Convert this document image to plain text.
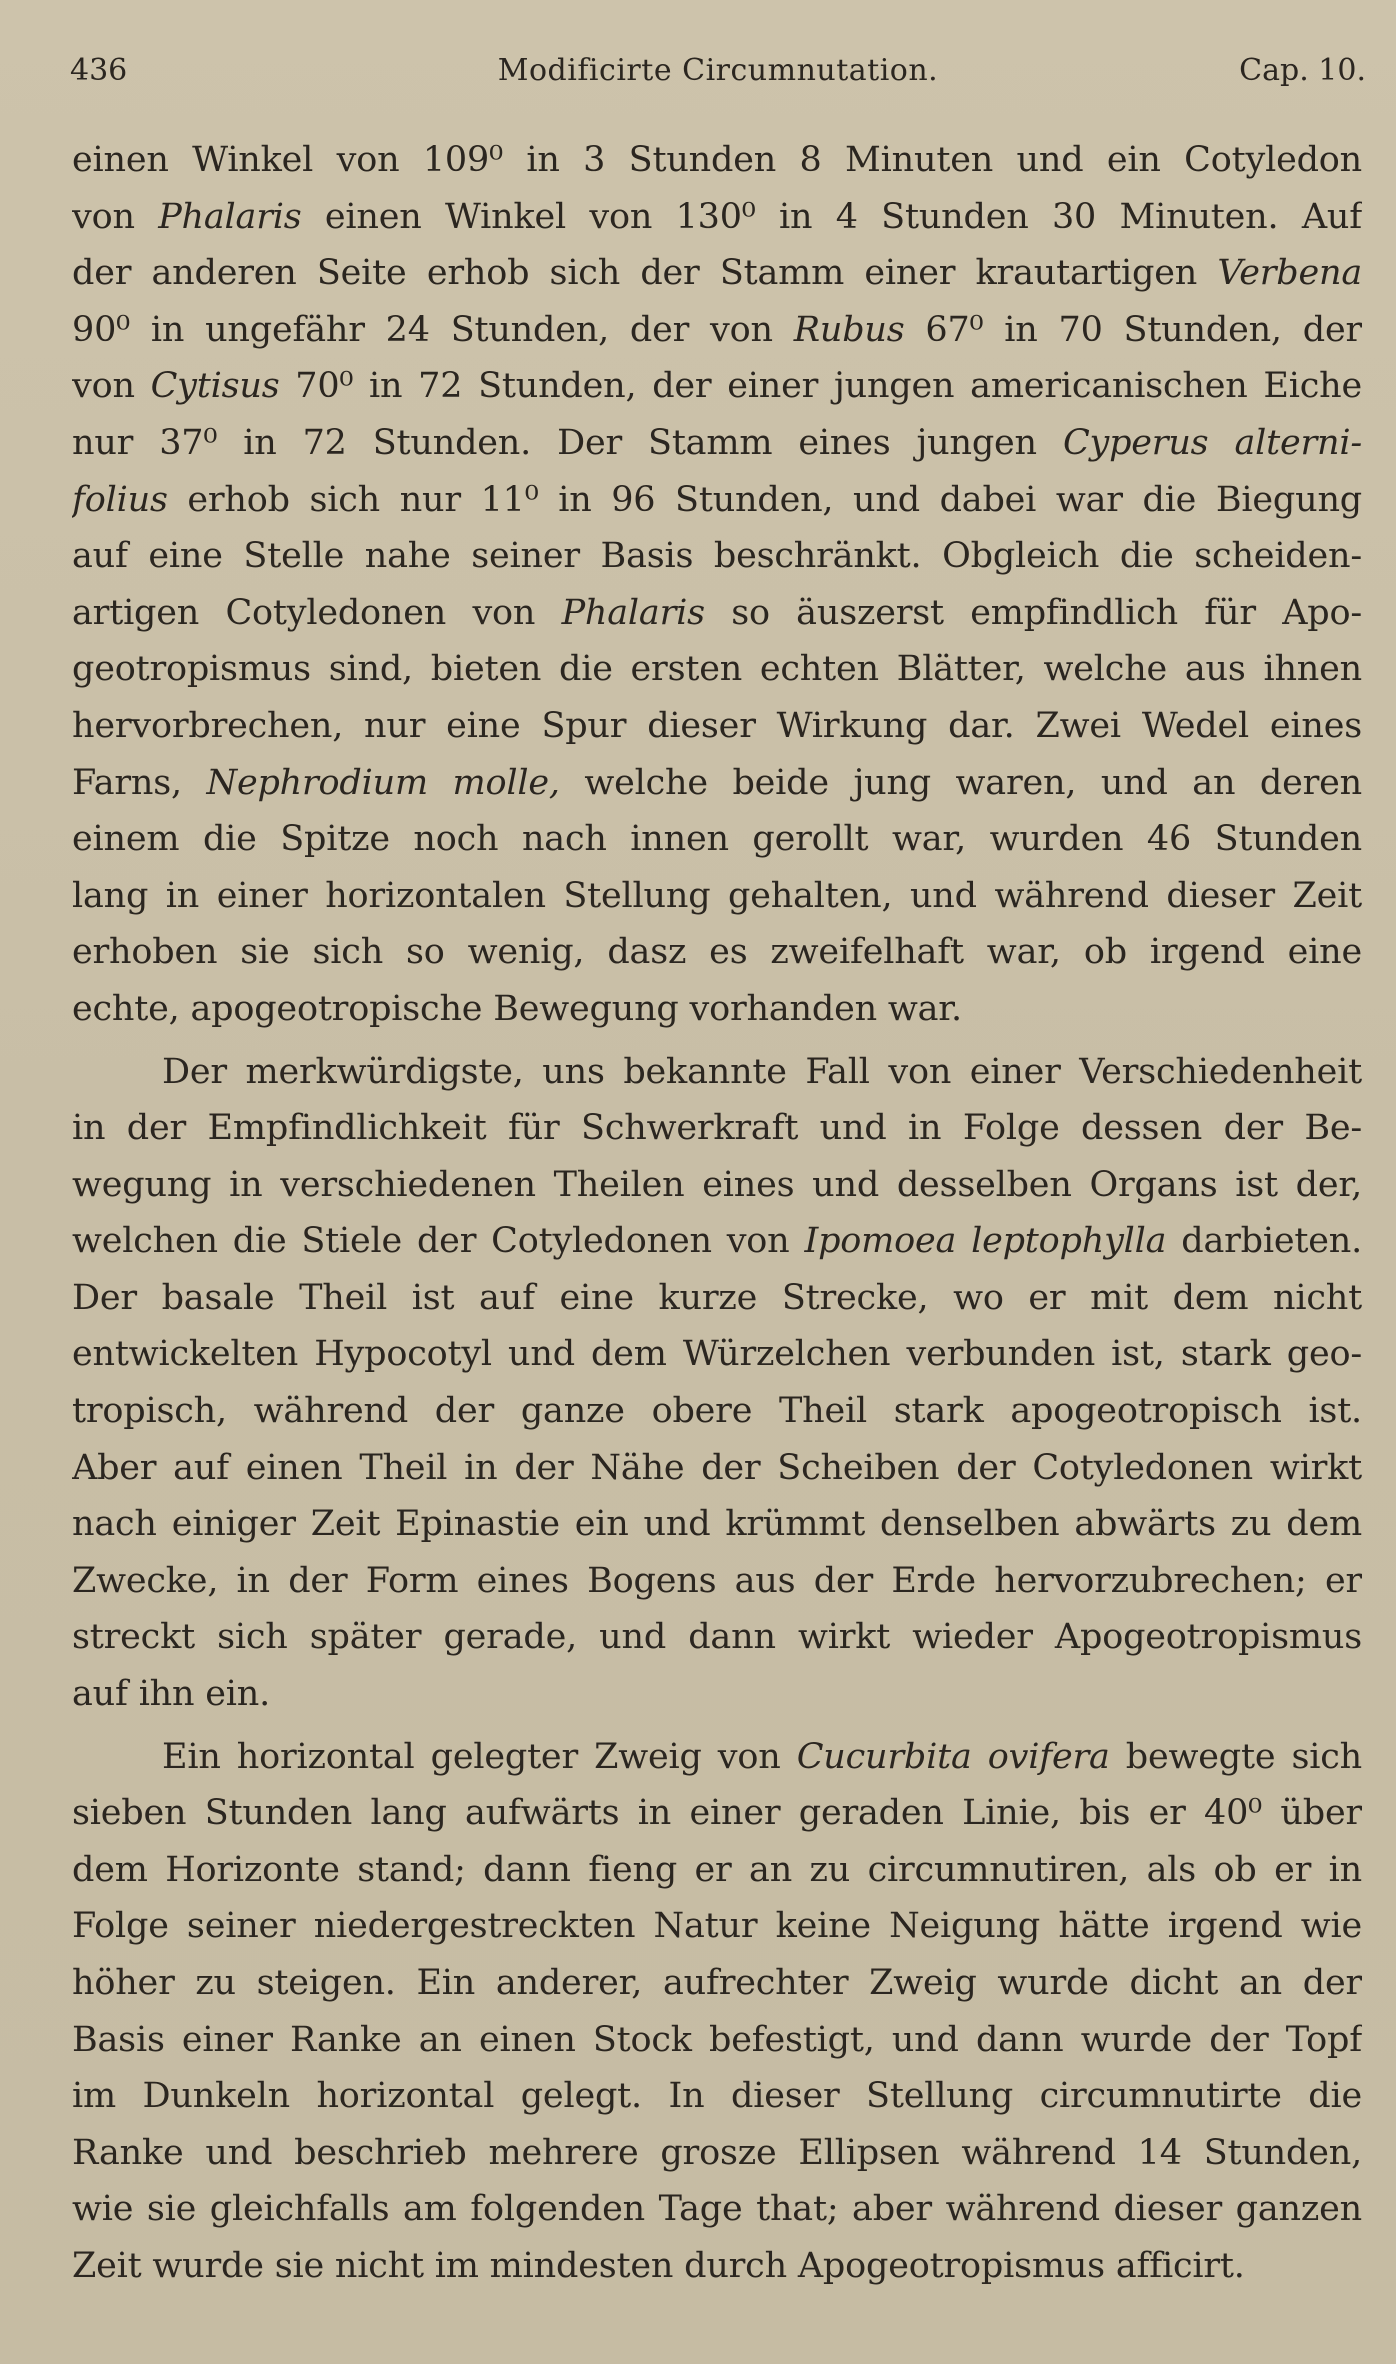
436	Modificirte Circumnutation.	Cap. 10.
einen Winkel von 109⁰ in 3 Stunden 8 Minuten und ein Cotyledon
von Phalaris einen Winkel von 130⁰ in 4 Stunden 30 Minuten. Auf
der anderen Seite erhob sich der Stamm einer krautartigen Verbena
90⁰ in ungefähr 24 Stunden, der von Rubus 67⁰ in 70 Stunden, der
von Cytisus 70⁰ in 72 Stunden, der einer jungen americanischen Eiche
nur 37⁰ in 72 Stunden. Der Stamm eines jungen Cyperus alterni-
folius erhob sich nur 11⁰ in 96 Stunden, und dabei war die Biegung
auf eine Stelle nahe seiner Basis beschränkt. Obgleich die scheiden-
artigen Cotyledonen von Phalaris so äuszerst empfindlich für Apo-
geotropismus sind, bieten die ersten echten Blätter, welche aus ihnen
hervorbrechen, nur eine Spur dieser Wirkung dar. Zwei Wedel eines
Farns, Nephrodium molle, welche beide jung waren, und an deren
einem die Spitze noch nach innen gerollt war, wurden 46 Stunden
lang in einer horizontalen Stellung gehalten, und während dieser Zeit
erhoben sie sich so wenig, dasz es zweifelhaft war, ob irgend eine
echte, apogeotropische Bewegung vorhanden war.
Der merkwürdigste, uns bekannte Fall von einer Verschiedenheit
in der Empfindlichkeit für Schwerkraft und in Folge dessen der Be-
wegung in verschiedenen Theilen eines und desselben Organs ist der,
welchen die Stiele der Cotyledonen von Ipomoea leptophylla darbieten.
Der basale Theil ist auf eine kurze Strecke, wo er mit dem nicht
entwickelten Hypocotyl und dem Würzelchen verbunden ist, stark geo-
tropisch, während der ganze obere Theil stark apogeotropisch ist.
Aber auf einen Theil in der Nähe der Scheiben der Cotyledonen wirkt
nach einiger Zeit Epinastie ein und krümmt denselben abwärts zu dem
Zwecke, in der Form eines Bogens aus der Erde hervorzubrechen; er
streckt sich später gerade, und dann wirkt wieder Apogeotropismus
auf ihn ein.
Ein horizontal gelegter Zweig von Cucurbita ovifera bewegte sich
sieben Stunden lang aufwärts in einer geraden Linie, bis er 40⁰ über
dem Horizonte stand; dann fieng er an zu circumnutiren, als ob er in
Folge seiner niedergestreckten Natur keine Neigung hätte irgend wie
höher zu steigen. Ein anderer, aufrechter Zweig wurde dicht an der
Basis einer Ranke an einen Stock befestigt, und dann wurde der Topf
im Dunkeln horizontal gelegt. In dieser Stellung circumnutirte die
Ranke und beschrieb mehrere grosze Ellipsen während 14 Stunden,
wie sie gleichfalls am folgenden Tage that; aber während dieser ganzen
Zeit wurde sie nicht im mindesten durch Apogeotropismus afficirt.
